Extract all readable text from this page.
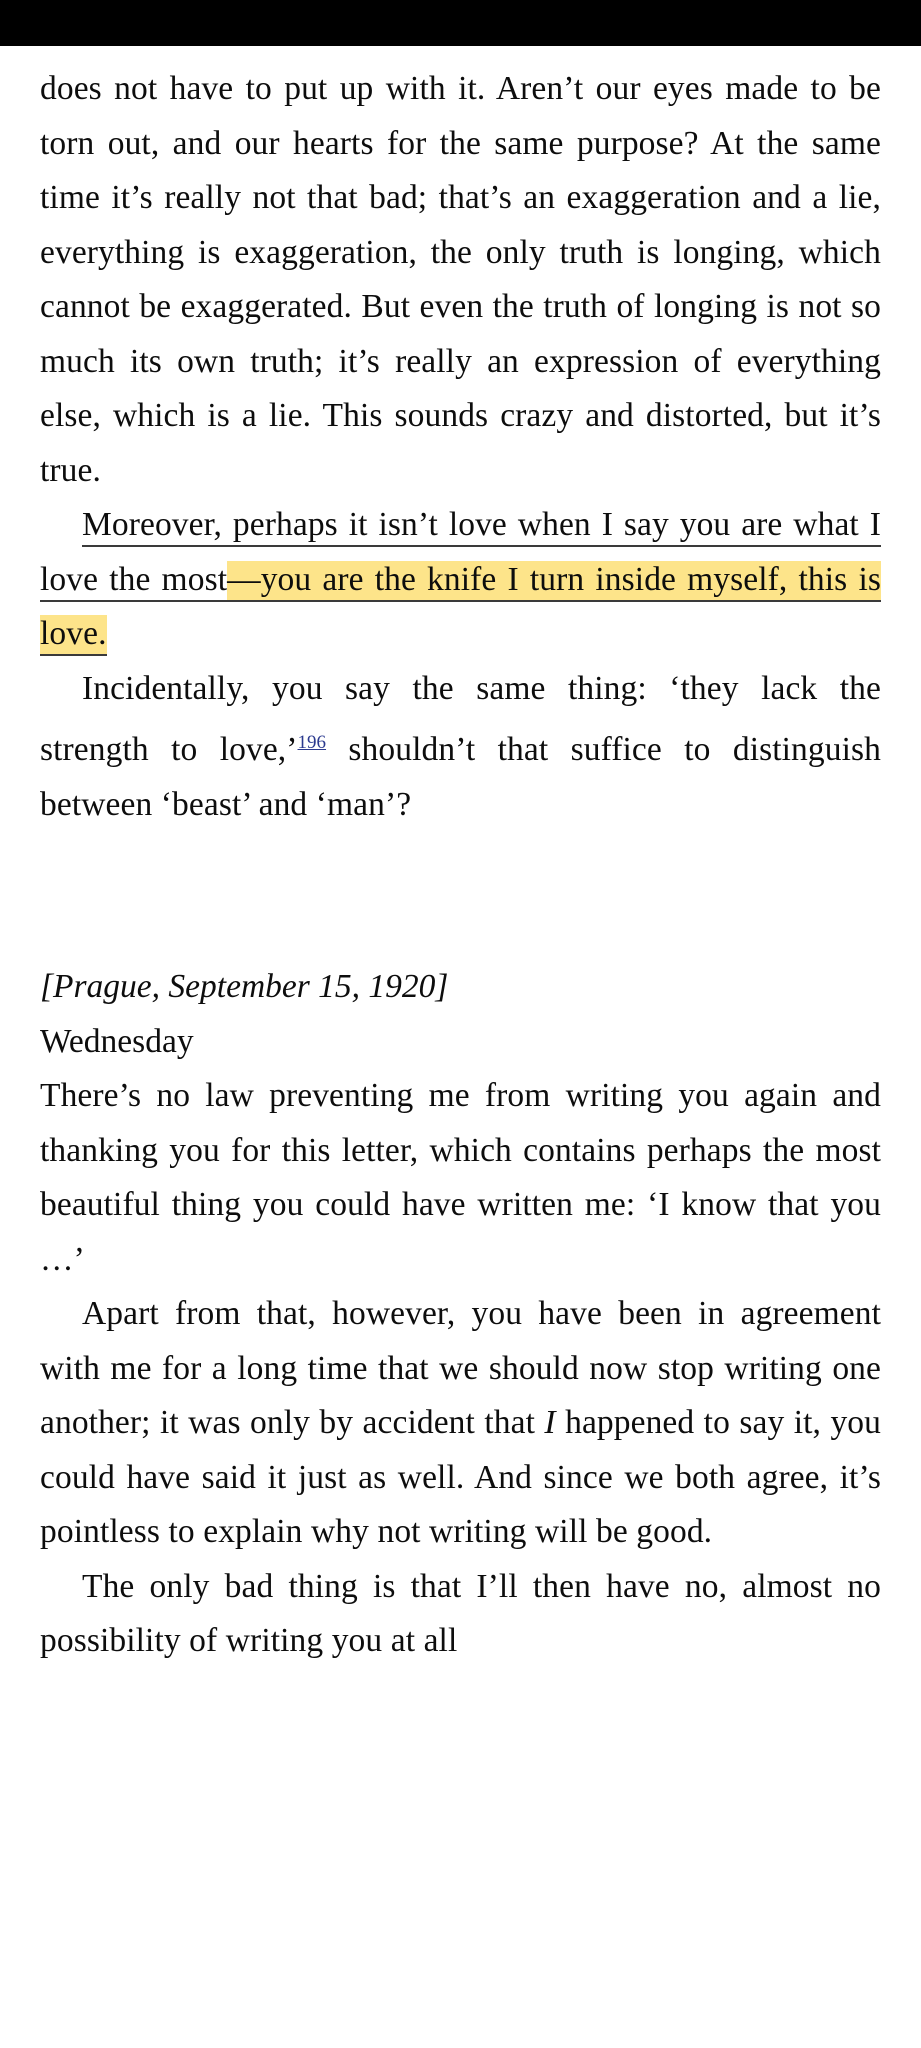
does not have to put up with it. Aren’t our eyes made to be torn out, and our hearts for the same purpose? At the same time it’s really not that bad; that’s an exaggeration and a lie, everything is exaggeration, the only truth is longing, which cannot be exaggerated. But even the truth of longing is not so much its own truth; it’s really an expression of everything else, which is a lie. This sounds crazy and distorted, but it’s true.

Moreover, perhaps it isn’t love when I say you are what I love the most—you are the knife I turn inside myself, this is love.

Incidentally, you say the same thing: ‘they lack the strength to love,’$^{196}$ shouldn’t that suffice to distinguish between ‘beast’ and ‘man’?

[Prague, September 15, 1920]
Wednesday

There’s no law preventing me from writing you again and thanking you for this letter, which contains perhaps the most beautiful thing you could have written me: ‘I know that you …’

Apart from that, however, you have been in agreement with me for a long time that we should now stop writing one another; it was only by accident that I happened to say it, you could have said it just as well. And since we both agree, it’s pointless to explain why not writing will be good.

The only bad thing is that I’ll then have no, almost no possibility of writing you at all
